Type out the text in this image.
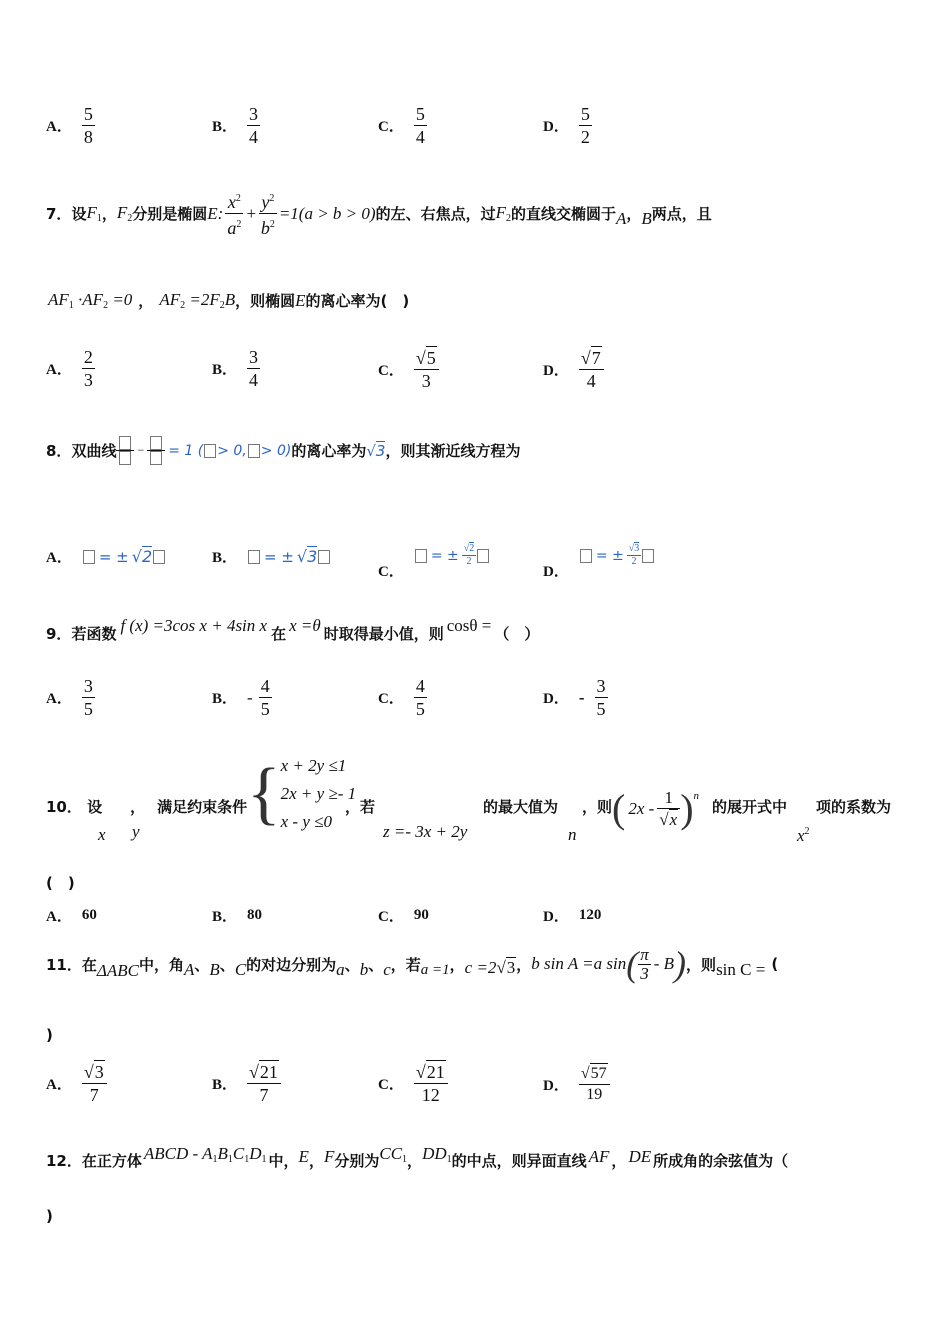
A． $\frac{5}{8}$	B． $\frac{3}{4}$	C． $\frac{5}{4}$	D． $\frac{5}{2}$
7． 设 $F_1$ ， $F_2$ 分别是椭圆 E : $\frac{x^2}{a^2} + \frac{y^2}{b^2} =1(a > b > 0)$ 的左、右焦点，过 $F_2$ 的直线交椭圆于 A ， B 两点，且
$AF_1 \cdot AF_2 =0$ ， $AF_2 =2F_2B$ ，则椭圆 E 的离心率为(　)
A． $\frac{2}{3}$	B． $\frac{3}{4}$	C． $\frac{√ 5}{3}$	D． $\frac{√ 7}{4}$
8． 双曲线 − = 1 ( > 0, > 0) 的离心率为 √3 ，则其渐近线方程为
A． = ± √2	B． = ± √3
C．
= ± $\frac{√2}{2}$
D．
= ± $\frac{√3}{2}$
9． 若函数 f (x) =3cos x + 4sin x 在 x =θ 时取得最小值，则 cosθ = （　）
A． $\frac{3}{5}$	B． - $\frac{4}{5}$	C． $\frac{4}{5}$	D． - $\frac{3}{5}$
10． 设 ， 满足约束条件
x y { x + 2y ≤1
2x + y ≥- 1
x - y ≤0
，若
z =- 3x + 2y
的最大值为
n
，则 ( $2x - \frac{1}{√ x}$ ) n
的展开式中
$x^2$
项的系数为
(　)
A． 60	B． 80	C． 90	D． 120
11． 在 ΔABC 中，角 A 、 B 、 C 的对边分别为 a 、 b 、 c ，若 a =1 ， c =2 √ 3 ， b sin A =a sin ( $\frac{\pi}{3}$ - B ) ，则 sin C = (
)
A． $\frac{√ 3}{7}$	B． $\frac{√ 21}{7}$	C． $\frac{√ 21}{12}$	D． $\frac{√ 57}{19}$
12． 在正方体 ABCD - $A_1B_1C_1D_1$ 中， E ， F 分别为 $CC_1$ ， $DD_1$ 的中点，则异面直线 AF ， DE 所成角的余弦值为（
)
